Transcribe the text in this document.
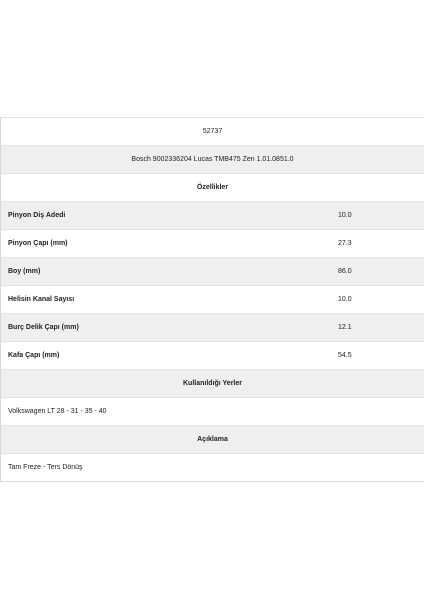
52737
Bosch 9002336204 Lucas TMB475 Zen 1.01.0851.0
Özellikler
Pinyon Diş Adedi	10.0
Pinyon Çapı (mm)	27.3
Boy (mm)	86.0
Helisin Kanal Sayısı	10.0
Burç Delik Çapı (mm)	12.1
Kafa Çapı (mm)	54.5
Kullanıldığı Yerler
Volkswagen LT 28 - 31 - 35 - 40
Açıklama
Tam Freze - Ters Dönüş
